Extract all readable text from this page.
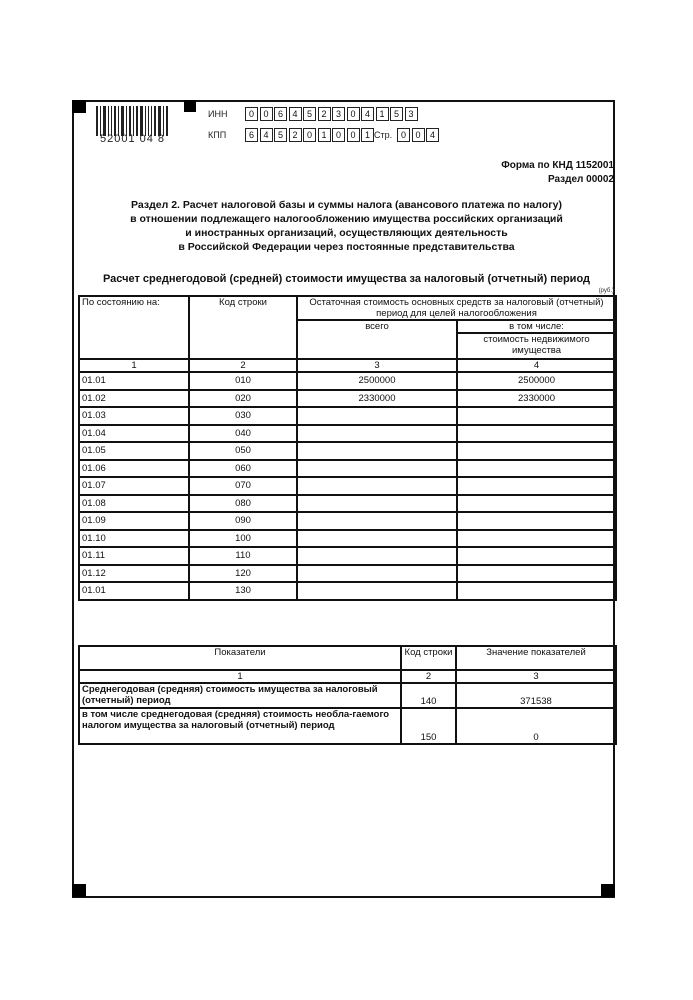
52001 04 8
ИНН	0	0	6	4	5	2	3	0	4	1	5	3
КПП	6	4	5	2	0	1	0	0	1 Стр. 0	0	4
Форма по КНД 1152001
Раздел 00002
Раздел 2. Расчет налоговой базы и суммы налога (авансового платежа по налогу)
в отношении подлежащего налогообложению имущества российских организаций
и иностранных организаций, осуществляющих деятельность
в Российской Федерации через постоянные представительства
Расчет среднегодовой (средней) стоимости имущества за налоговый (отчетный) период
(руб.)
По состоянию на:	Код строки	Остаточная стоимость основных средств за налоговый (отчетный) период для целей налогообложения	
		всего	в том числе:
			стоимость недвижимого имущества
1	2	3	4
01.01	010	2500000	2500000
01.02	020	2330000	2330000
01.03	030		
01.04	040		
01.05	050		
01.06	060		
01.07	070		
01.08	080		
01.09	090		
01.10	100		
01.11	110		
01.12	120		
01.01	130		
Показатели	Код строки	Значение показателей
1	2	3
Среднегодовая (средняя) стоимость имущества за налоговый (отчетный) период	140	371538
в том числе среднегодовая (средняя) стоимость необла-гаемого налогом имущества за налоговый (отчетный) период	150	0
